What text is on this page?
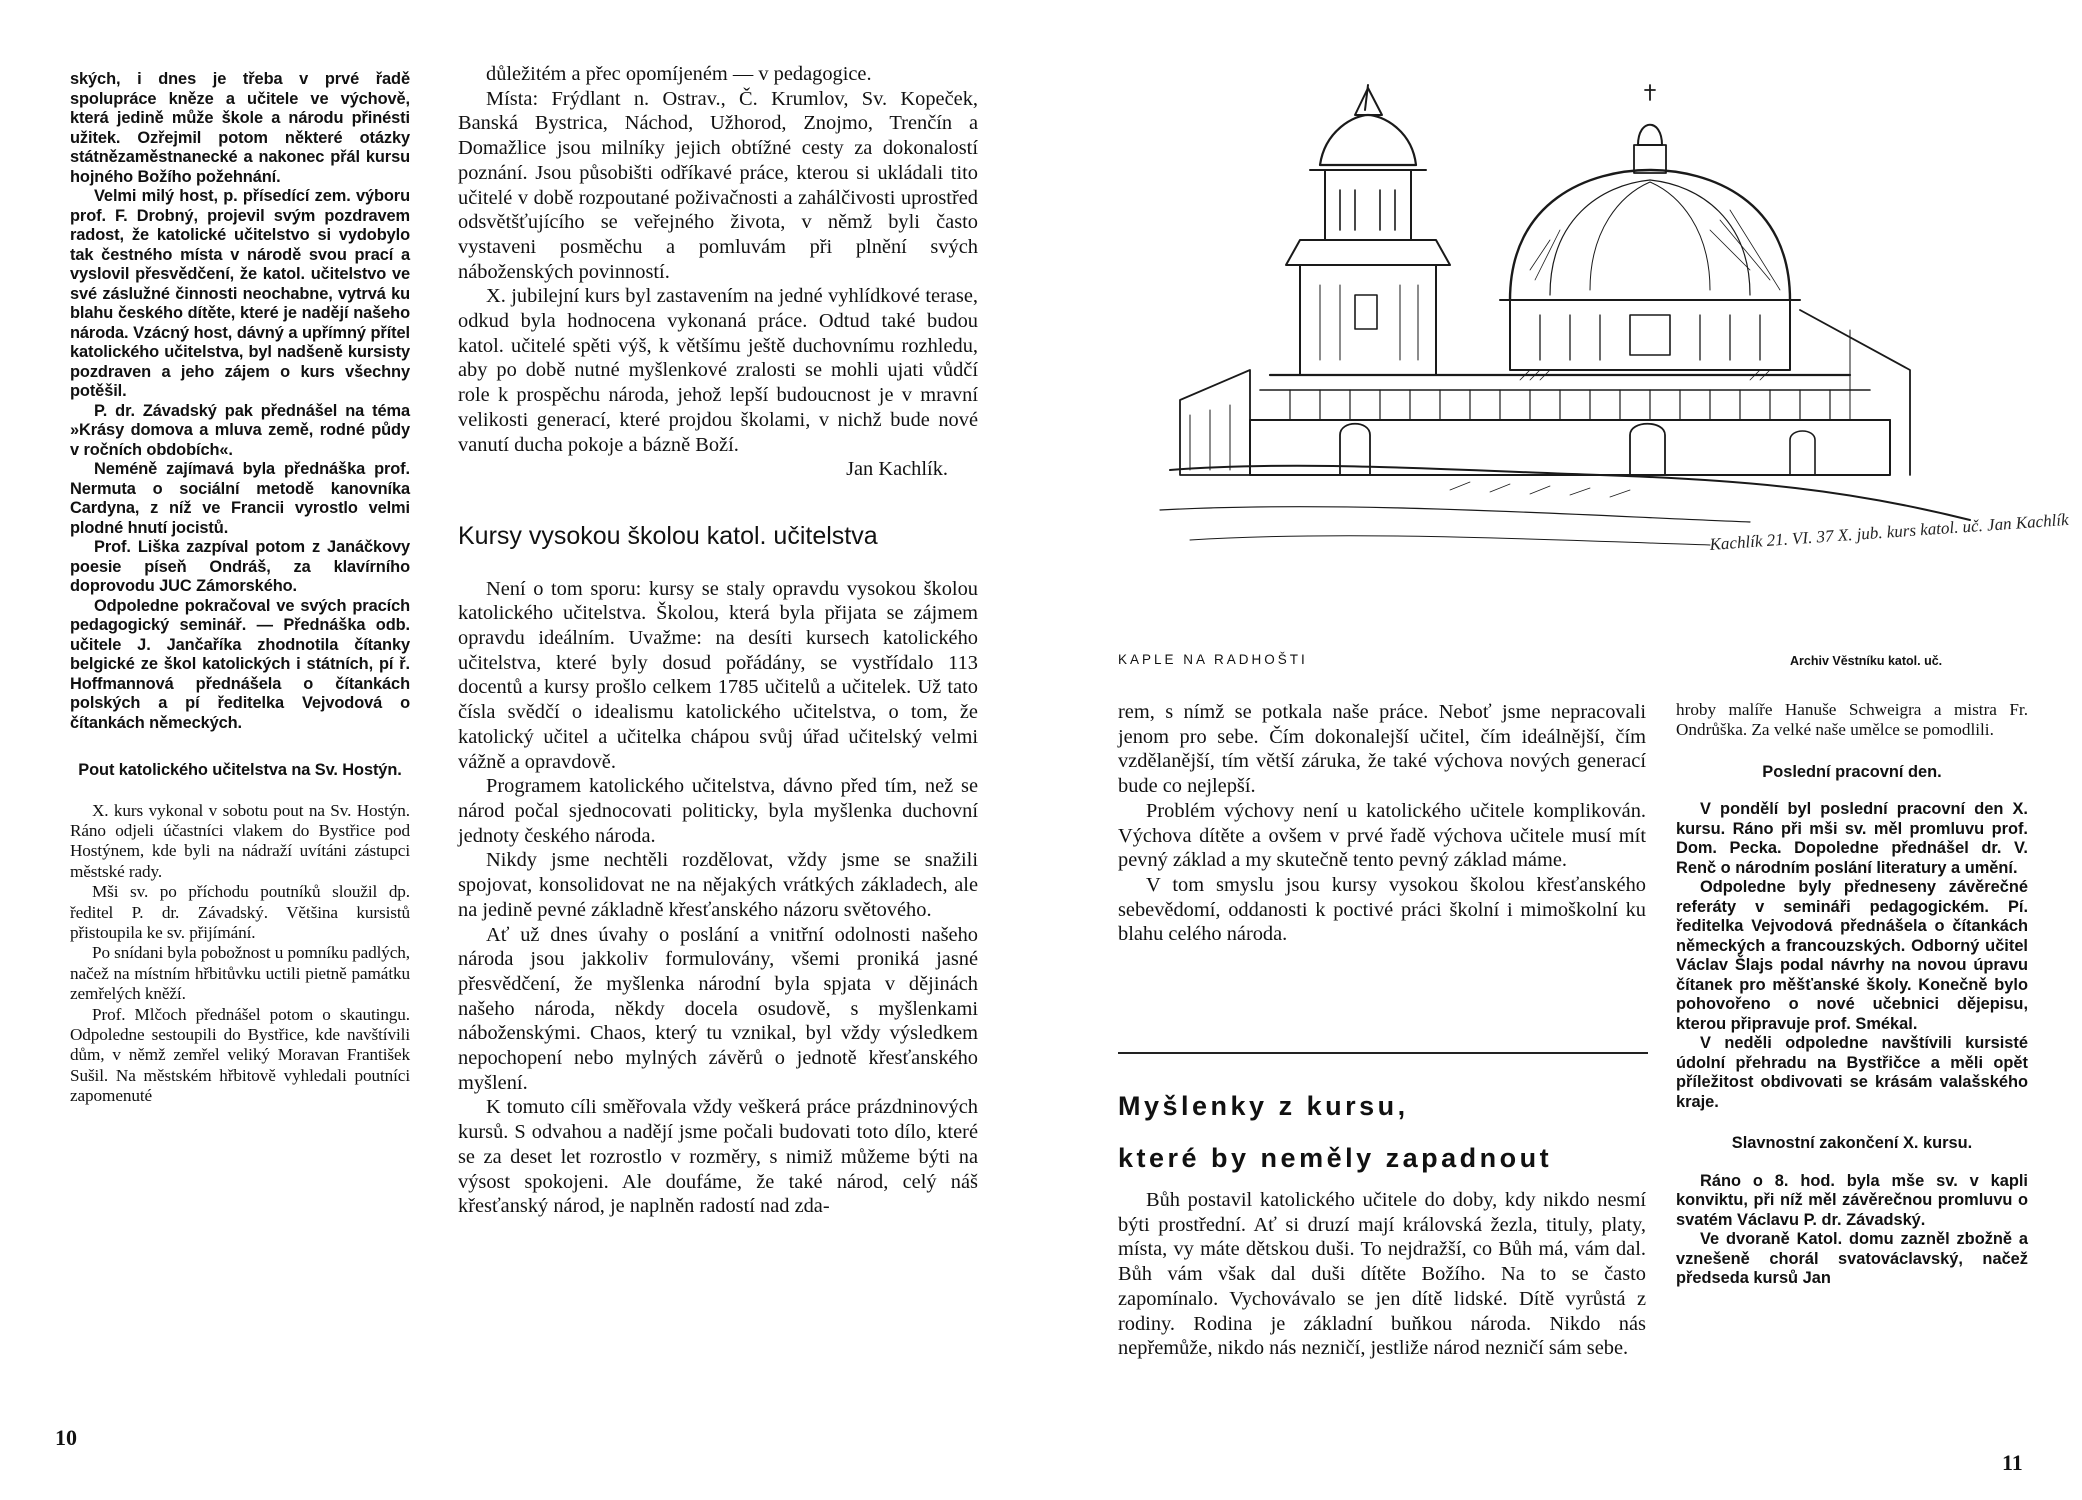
ských, i dnes je třeba v prvé řadě spolupráce kněze a učitele ve výchově, která jedině může škole a národu přinésti užitek. Ozřejmil potom některé otázky státnězaměstnanecké a nakonec přál kursu hojného Božího požehnání.

Velmi milý host, p. přísedící zem. výboru prof. F. Drobný, projevil svým pozdravem radost, že katolické učitelstvo si vydobylo tak čestného místa v národě svou prací a vyslovil přesvědčení, že katol. učitelstvo ve své záslužné činnosti neochabne, vytrvá ku blahu českého dítěte, které je nadějí našeho národa. Vzácný host, dávný a upřímný přítel katolického učitelstva, byl nadšeně kursisty pozdraven a jeho zájem o kurs všechny potěšil.

P. dr. Závadský pak přednášel na téma »Krásy domova a mluva země, rodné půdy v ročních obdobích«.

Neméně zajímavá byla přednáška prof. Nermuta o sociální metodě kanovníka Cardyna, z níž ve Francii vyrostlo velmi plodné hnutí jocistů.

Prof. Liška zazpíval potom z Janáčkovy poesie píseň Ondráš, za klavírního doprovodu JUC Zámorského.

Odpoledne pokračoval ve svých pracích pedagogický seminář. — Přednáška odb. učitele J. Jančaříka zhodnotila čítanky belgické ze škol katolických i státních, pí ř. Hoffmannová přednášela o čítankách polských a pí ředitelka Vejvodová o čítankách německých.

Pout katolického učitelstva na Sv. Hostýn.

X. kurs vykonal v sobotu pout na Sv. Hostýn. Ráno odjeli účastníci vlakem do Bystřice pod Hostýnem, kde byli na nádraží uvítáni zástupci městské rady.

Mši sv. po příchodu poutníků sloužil dp. ředitel P. dr. Závadský. Většina kursistů přistoupila ke sv. přijímání.

Po snídani byla pobožnost u pomníku padlých, načež na místním hřbitůvku uctili pietně památku zemřelých kněží.

Prof. Mlčoch přednášel potom o skautingu. Odpoledne sestoupili do Bystřice, kde navštívili dům, v němž zemřel veliký Moravan František Sušil. Na městském hřbitově vyhledali poutníci zapomenuté

důležitém a přec opomíjeném — v pedagogice.

Místa: Frýdlant n. Ostrav., Č. Krumlov, Sv. Kopeček, Banská Bystrica, Náchod, Užhorod, Znojmo, Trenčín a Domažlice jsou milníky jejich obtížné cesty za dokonalostí poznání. Jsou působišti odříkavé práce, kterou si ukládali tito učitelé v době rozpoutané poživačnosti a zahálčivosti uprostřed odsvětšťujícího se veřejného života, v němž byli často vystaveni posměchu a pomluvám při plnění svých náboženských povinností.

X. jubilejní kurs byl zastavením na jedné vyhlídkové terase, odkud byla hodnocena vykonaná práce. Odtud také budou katol. učitelé spěti výš, k většímu ještě duchovnímu rozhledu, aby po době nutné myšlenkové zralosti se mohli ujati vůdčí role k prospěchu národa, jehož lepší budoucnost je v mravní velikosti generací, které projdou školami, v nichž bude nové vanutí ducha pokoje a bázně Boží.

Jan Kachlík.
Kursy vysokou školou katol. učitelstva

Není o tom sporu: kursy se staly opravdu vysokou školou katolického učitelstva. Školou, která byla přijata se zájmem opravdu ideálním. Uvažme: na desíti kursech katolického učitelstva, které byly dosud pořádány, se vystřídalo 113 docentů a kursy prošlo celkem 1785 učitelů a učitelek. Už tato čísla svědčí o idealismu katolického učitelstva, o tom, že katolický učitel a učitelka chápou svůj úřad učitelský velmi vážně a opravdově.

Programem katolického učitelstva, dávno před tím, než se národ počal sjednocovati politicky, byla myšlenka duchovní jednoty českého národa.

Nikdy jsme nechtěli rozdělovat, vždy jsme se snažili spojovat, konsolidovat ne na nějakých vrátkých základech, ale na jedině pevné základně křesťanského názoru světového.

Ať už dnes úvahy o poslání a vnitřní odolnosti našeho národa jsou jakkoliv formulovány, všemi proniká jasné přesvědčení, že myšlenka národní byla spjata v dějinách našeho národa, někdy docela osudově, s myšlenkami náboženskými. Chaos, který tu vznikal, byl vždy výsledkem nepochopení nebo mylných závěrů o jednotě křesťanského myšlení.

K tomuto cíli směřovala vždy veškerá práce prázdninových kursů. S odvahou a nadějí jsme počali budovati toto dílo, které se za deset let rozrostlo v rozměry, s nimiž můžeme býti na výsost spokojeni. Ale doufáme, že také národ, celý náš křesťanský národ, je naplněn radostí nad zda-

10
Kachlík 21. VI. 37 X. jub. kurs katol. uč. Jan Kachlík
KAPLE NA RADHOŠTI	Archiv Věstníku katol. uč.

rem, s nímž se potkala naše práce. Neboť jsme nepracovali jenom pro sebe. Čím dokonalejší učitel, čím ideálnější, čím vzdělanější, tím větší záruka, že také výchova nových generací bude co nejlepší.

Problém výchovy není u katolického učitele komplikován. Výchova dítěte a ovšem v prvé řadě výchova učitele musí mít pevný základ a my skutečně tento pevný základ máme.

V tom smyslu jsou kursy vysokou školou křesťanského sebevědomí, oddanosti k poctivé práci školní i mimoškolní ku blahu celého národa.

Myšlenky z kursu,
které by neměly zapadnout

Bůh postavil katolického učitele do doby, kdy nikdo nesmí býti prostřední. Ať si druzí mají královská žezla, tituly, platy, místa, vy máte dětskou duši. To nejdražší, co Bůh má, vám dal. Bůh vám však dal duši dítěte Božího. Na to se často zapomínalo. Vychovávalo se jen dítě lidské. Dítě vyrůstá z rodiny. Rodina je základní buňkou národa. Nikdo nás nepřemůže, nikdo nás nezničí, jestliže národ nezničí sám sebe.

hroby malíře Hanuše Schweigra a mistra Fr. Ondrůška. Za velké naše umělce se pomodlili.

Poslední pracovní den.

V pondělí byl poslední pracovní den X. kursu. Ráno při mši sv. měl promluvu prof. Dom. Pecka. Dopoledne přednášel dr. V. Renč o národním poslání literatury a umění.

Odpoledne byly předneseny závěrečné referáty v semináři pedagogickém. Pí. ředitelka Vejvodová přednášela o čítankách německých a francouzských. Odborný učitel Václav Šlajs podal návrhy na novou úpravu čítanek pro měšťanské školy. Konečně bylo pohovořeno o nové učebnici dějepisu, kterou připravuje prof. Smékal.

V neděli odpoledne navštívili kursisté údolní přehradu na Bystřičce a měli opět příležitost obdivovati se krásám valašského kraje.

Slavnostní zakončení X. kursu.

Ráno o 8. hod. byla mše sv. v kapli konviktu, při níž měl závěrečnou promluvu o svatém Václavu P. dr. Závadský.

Ve dvoraně Katol. domu zazněl zbožně a vznešeně chorál svatováclavský, načež předseda kursů Jan

11
